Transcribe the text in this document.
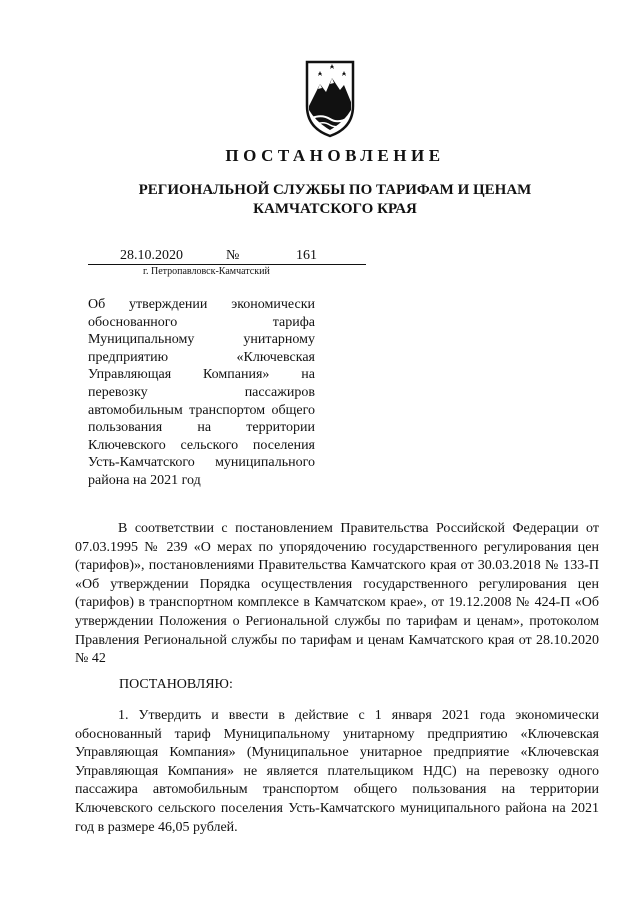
ПОСТАНОВЛЕНИЕ
РЕГИОНАЛЬНОЙ СЛУЖБЫ ПО ТАРИФАМ И ЦЕНАМ
КАМЧАТСКОГО КРАЯ
28.10.2020	№	161
г. Петропавловск-Камчатский
Об утверждении экономически обоснованного тарифа Муниципальному унитарному предприятию «Ключевская Управляющая Компания» на перевозку пассажиров автомобильным транспортом общего пользования на территории Ключевского сельского поселения Усть-Камчатского муниципального района на 2021 год
В соответствии с постановлением Правительства Российской Федерации от 07.03.1995 № 239 «О мерах по упорядочению государственного регулирования цен (тарифов)», постановлениями Правительства Камчатского края от 30.03.2018 № 133-П «Об утверждении Порядка осуществления государственного регулирования цен (тарифов) в транспортном комплексе в Камчатском крае», от 19.12.2008 № 424-П «Об утверждении Положения о Региональной службы по тарифам и ценам», протоколом Правления Региональной службы по тарифам и ценам Камчатского края от 28.10.2020 № 42
ПОСТАНОВЛЯЮ:
1. Утвердить и ввести в действие с 1 января 2021 года экономически обоснованный тариф Муниципальному унитарному предприятию «Ключевская Управляющая Компания» (Муниципальное унитарное предприятие «Ключевская Управляющая Компания» не является плательщиком НДС) на перевозку одного пассажира автомобильным транспортом общего пользования на территории Ключевского сельского поселения Усть-Камчатского муниципального района на 2021 год в размере 46,05 рублей.
